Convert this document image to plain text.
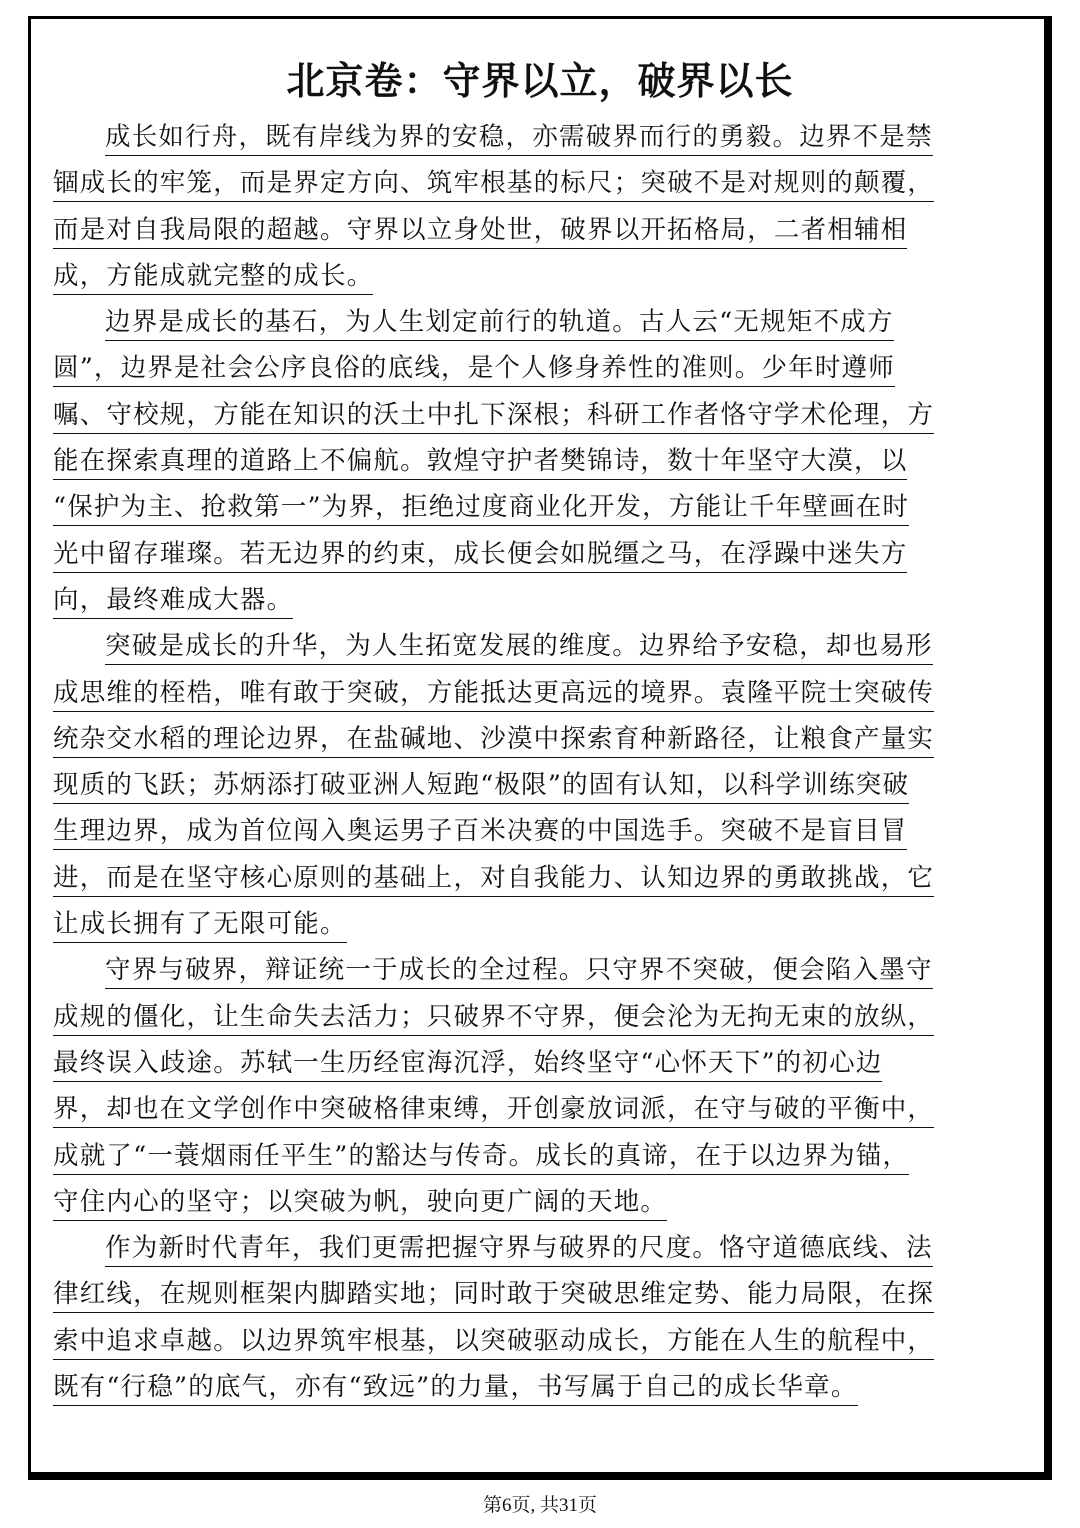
北京卷：守界以立，破界以长
成长如行舟，既有岸线为界的安稳，亦需破界而行的勇毅。边界不是禁
锢成长的牢笼，而是界定方向、筑牢根基的标尺；突破不是对规则的颠覆，
而是对自我局限的超越。守界以立身处世，破界以开拓格局，二者相辅相
成，方能成就完整的成长。
边界是成长的基石，为人生划定前行的轨道。古人云“无规矩不成方
圆”，边界是社会公序良俗的底线，是个人修身养性的准则。少年时遵师
嘱、守校规，方能在知识的沃土中扎下深根；科研工作者恪守学术伦理，方
能在探索真理的道路上不偏航。敦煌守护者樊锦诗，数十年坚守大漠，以
“保护为主、抢救第一”为界，拒绝过度商业化开发，方能让千年壁画在时
光中留存璀璨。若无边界的约束，成长便会如脱缰之马，在浮躁中迷失方
向，最终难成大器。
突破是成长的升华，为人生拓宽发展的维度。边界给予安稳，却也易形
成思维的桎梏，唯有敢于突破，方能抵达更高远的境界。袁隆平院士突破传
统杂交水稻的理论边界，在盐碱地、沙漠中探索育种新路径，让粮食产量实
现质的飞跃；苏炳添打破亚洲人短跑“极限”的固有认知，以科学训练突破
生理边界，成为首位闯入奥运男子百米决赛的中国选手。突破不是盲目冒
进，而是在坚守核心原则的基础上，对自我能力、认知边界的勇敢挑战，它
让成长拥有了无限可能。
守界与破界，辩证统一于成长的全过程。只守界不突破，便会陷入墨守
成规的僵化，让生命失去活力；只破界不守界，便会沦为无拘无束的放纵，
最终误入歧途。苏轼一生历经宦海沉浮，始终坚守“心怀天下”的初心边
界，却也在文学创作中突破格律束缚，开创豪放词派，在守与破的平衡中，
成就了“一蓑烟雨任平生”的豁达与传奇。成长的真谛，在于以边界为锚，
守住内心的坚守；以突破为帆，驶向更广阔的天地。
作为新时代青年，我们更需把握守界与破界的尺度。恪守道德底线、法
律红线，在规则框架内脚踏实地；同时敢于突破思维定势、能力局限，在探
索中追求卓越。以边界筑牢根基，以突破驱动成长，方能在人生的航程中，
既有“行稳”的底气，亦有“致远”的力量，书写属于自己的成长华章。
第6页, 共31页
